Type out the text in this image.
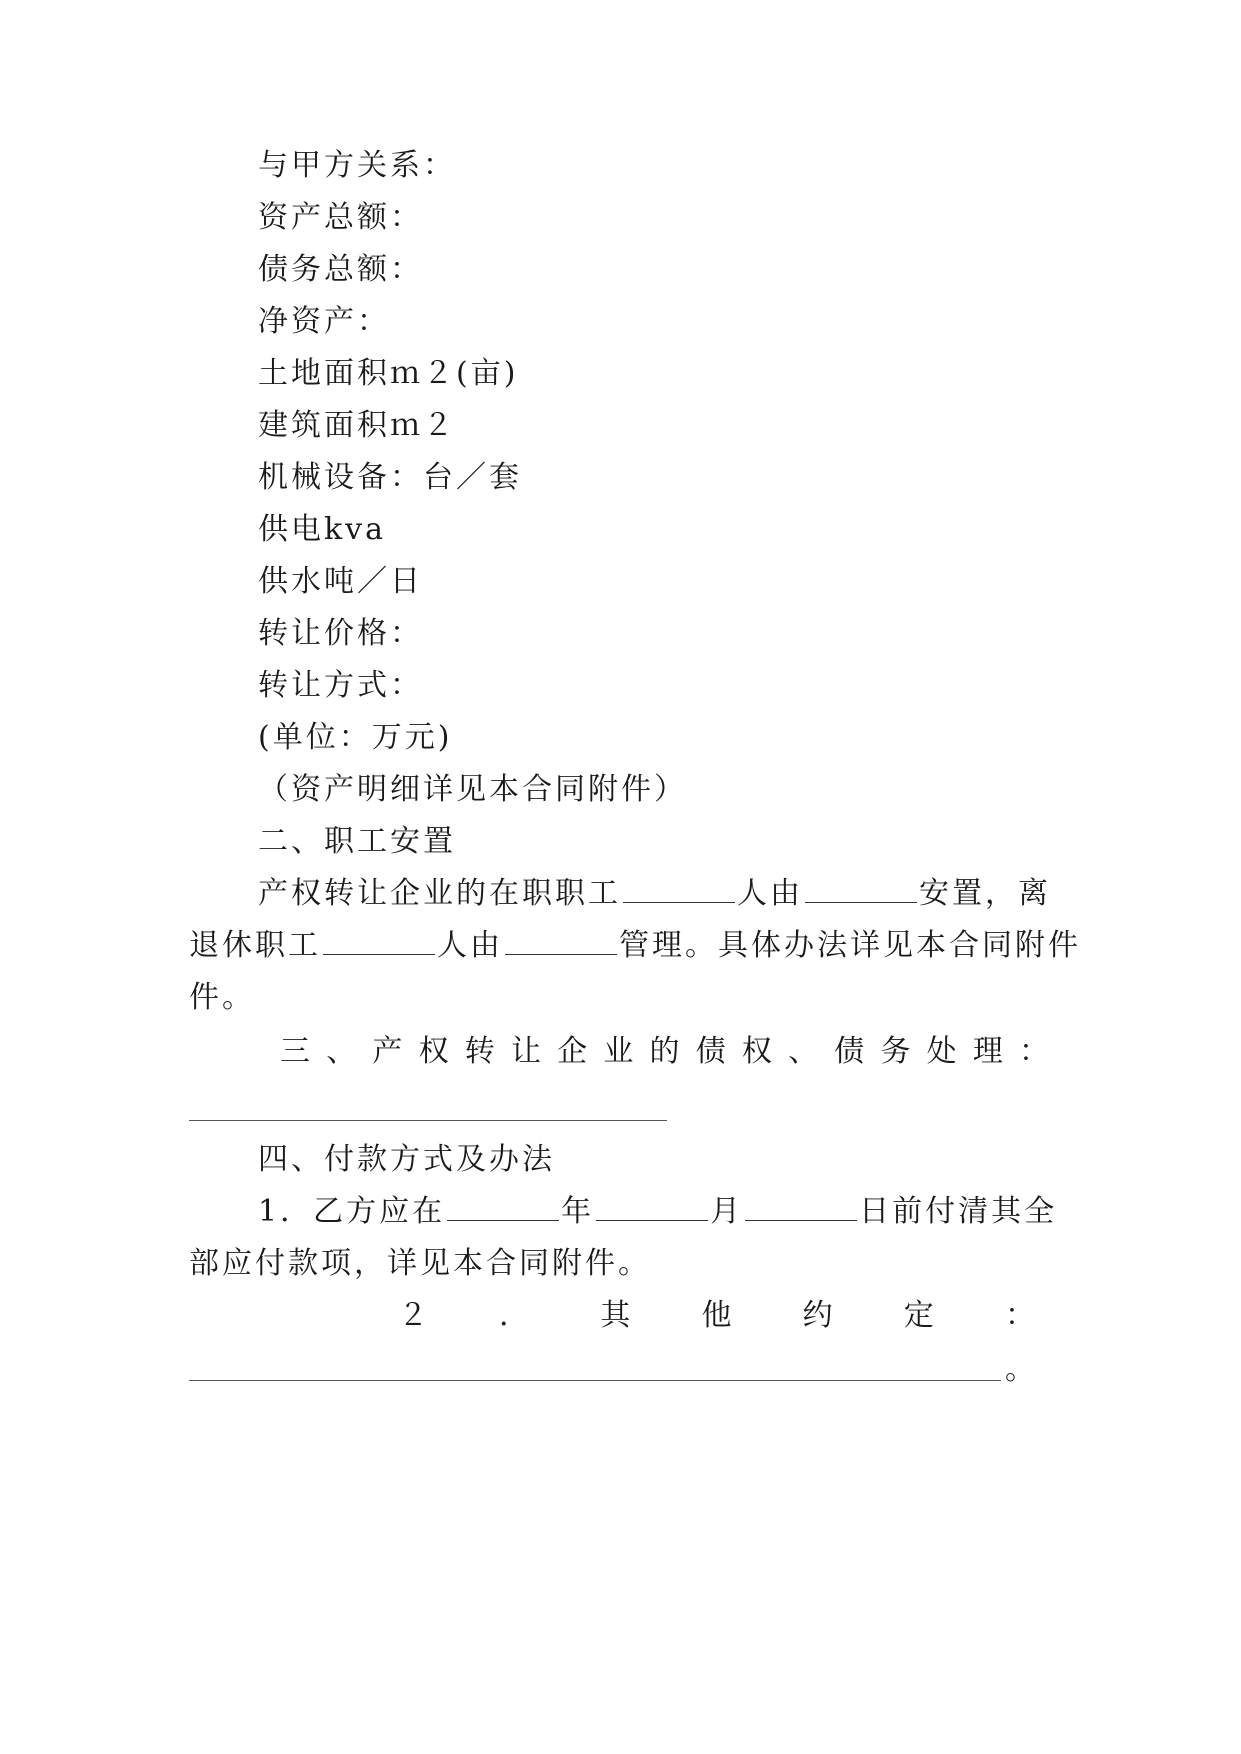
与甲方关系：
资产总额：
债务总额：
净资产：
土地面积ｍ２(亩)
建筑面积ｍ２
机械设备：台／套
供电kva
供水吨／日
转让价格：
转让方式：
(单位：万元)
（资产明细详见本合同附件）
二、职工安置
产权转让企业的在职职工	人由	安置，离
退休职工	人由	管理。具体办法详见本合同附件
件。
三 、 产 权 转 让 企 业 的 债 权 、 债 务 处 理 ：
四、付款方式及办法
1．乙方应在	年	月	日前付清其全
部应付款项，详见本合同附件。
２ ． 其 他 约 定 ：
。
